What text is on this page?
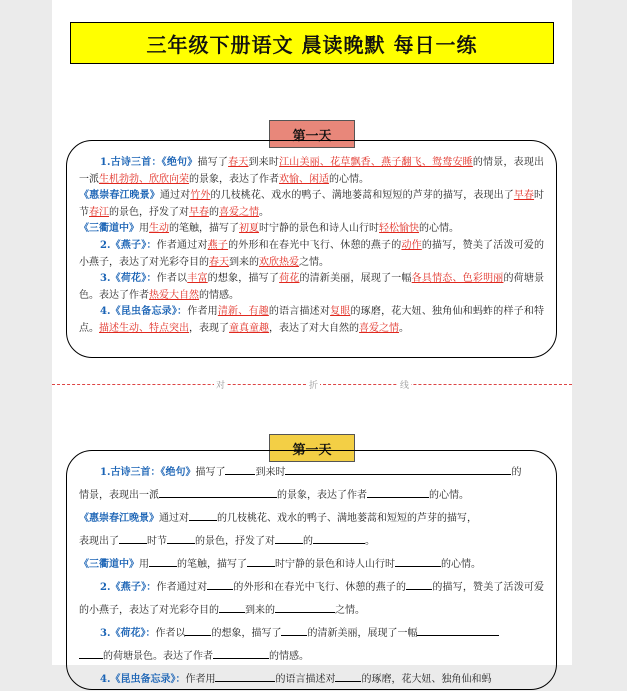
三年级下册语文 晨读晚默 每日一练
第一天

1.古诗三首：《绝句》描写了春天到来时江山美丽、花草飘香、燕子翻飞、鸳鸯安睡的情景，表现出一派生机勃勃、欣欣向荣的景象，表达了作者欢愉、闲适的心情。

《惠崇春江晚景》通过对竹外的几枝桃花、戏水的鸭子、满地蒌蒿和短短的芦芽的描写，表现出了早春时节春江的景色，抒发了对早春的喜爱之情。

《三衢道中》用生动的笔触，描写了初夏时宁静的景色和诗人山行时轻松愉快的心情。

2.《燕子》：作者通过对燕子的外形和在春光中飞行、休憩的燕子的动作的描写，赞美了活泼可爱的小燕子，表达了对光彩夺目的春天到来的欢欣热爱之情。

3.《荷花》：作者以丰富的想象，描写了荷花的清新美丽，展现了一幅各具情态、色彩明丽的荷塘景色。表达了作者热爱大自然的情感。

4.《昆虫备忘录》：作者用清新、有趣的语言描述对复眼的琢磨，花大妞、独角仙和蚂蚱的样子和特点。描述生动、特点突出，表现了童真童趣，表达了对大自然的喜爱之情。

对	折	线
第一天

1.古诗三首：《绝句》描写了	到来时	的
情景，表现出一派	的景象，表达了作者	的心情。

《惠崇春江晚景》通过对	的几枝桃花、戏水的鸭子、满地蒌蒿和短短的芦芽的描写，
表现出了	时节	的景色，抒发了对	的	。

《三衢道中》用	的笔触，描写了	时宁静的景色和诗人山行时	的心情。

2.《燕子》：作者通过对	的外形和在春光中飞行、休憩的燕子的	的描写，赞美了活泼可爱的小燕子，表达了对光彩夺目的	到来的	之情。

3.《荷花》：作者以	的想象，描写了	的清新美丽，展现了一幅
的荷塘景色。表达了作者	的情感。

4.《昆虫备忘录》：作者用	的语言描述对	的琢磨，花大妞、独角仙和蚂
